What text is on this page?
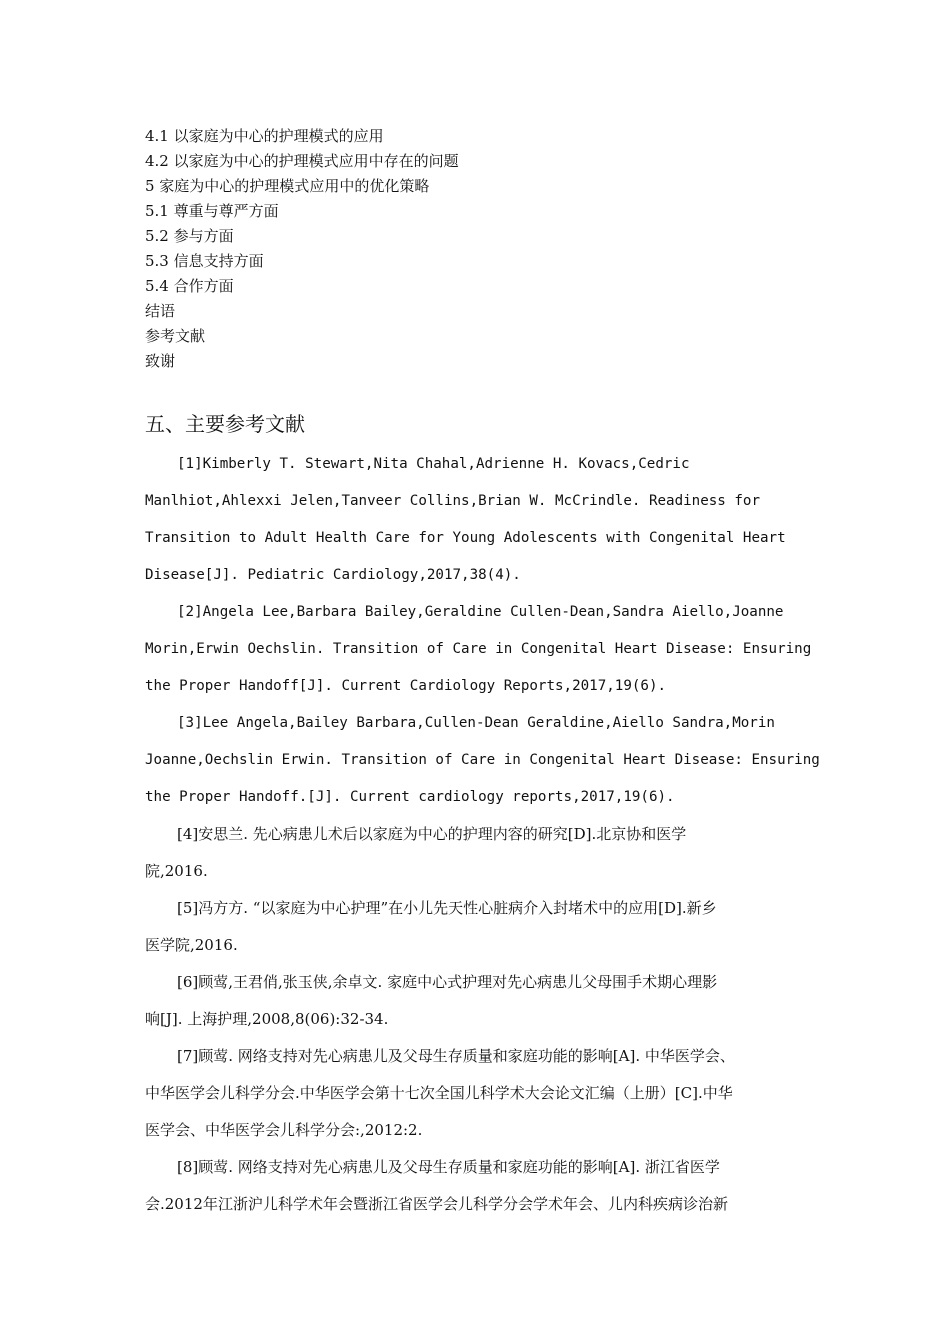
4.1 以家庭为中心的护理模式的应用
4.2 以家庭为中心的护理模式应用中存在的问题
5 家庭为中心的护理模式应用中的优化策略
5.1 尊重与尊严方面
5.2 参与方面
5.3 信息支持方面
5.4 合作方面
结语
参考文献
致谢
五、主要参考文献
[1]Kimberly T. Stewart,Nita Chahal,Adrienne H. Kovacs,Cedric
Manlhiot,Ahlexxi Jelen,Tanveer Collins,Brian W. McCrindle. Readiness for
Transition to Adult Health Care for Young Adolescents with Congenital Heart
Disease[J]. Pediatric Cardiology,2017,38(4).
[2]Angela Lee,Barbara Bailey,Geraldine Cullen-Dean,Sandra Aiello,Joanne
Morin,Erwin Oechslin. Transition of Care in Congenital Heart Disease: Ensuring
the Proper Handoff[J]. Current Cardiology Reports,2017,19(6).
[3]Lee Angela,Bailey Barbara,Cullen-Dean Geraldine,Aiello Sandra,Morin
Joanne,Oechslin Erwin. Transition of Care in Congenital Heart Disease: Ensuring
the Proper Handoff.[J]. Current cardiology reports,2017,19(6).
[4]安思兰. 先心病患儿术后以家庭为中心的护理内容的研究[D].北京协和医学
院,2016.
[5]冯方方. “以家庭为中心护理”在小儿先天性心脏病介入封堵术中的应用[D].新乡
医学院,2016.
[6]顾莺,王君俏,张玉侠,余卓文. 家庭中心式护理对先心病患儿父母围手术期心理影
响[J]. 上海护理,2008,8(06):32-34.
[7]顾莺. 网络支持对先心病患儿及父母生存质量和家庭功能的影响[A]. 中华医学会、
中华医学会儿科学分会.中华医学会第十七次全国儿科学术大会论文汇编（上册）[C].中华
医学会、中华医学会儿科学分会:,2012:2.
[8]顾莺. 网络支持对先心病患儿及父母生存质量和家庭功能的影响[A]. 浙江省医学
会.2012年江浙沪儿科学术年会暨浙江省医学会儿科学分会学术年会、儿内科疾病诊治新
